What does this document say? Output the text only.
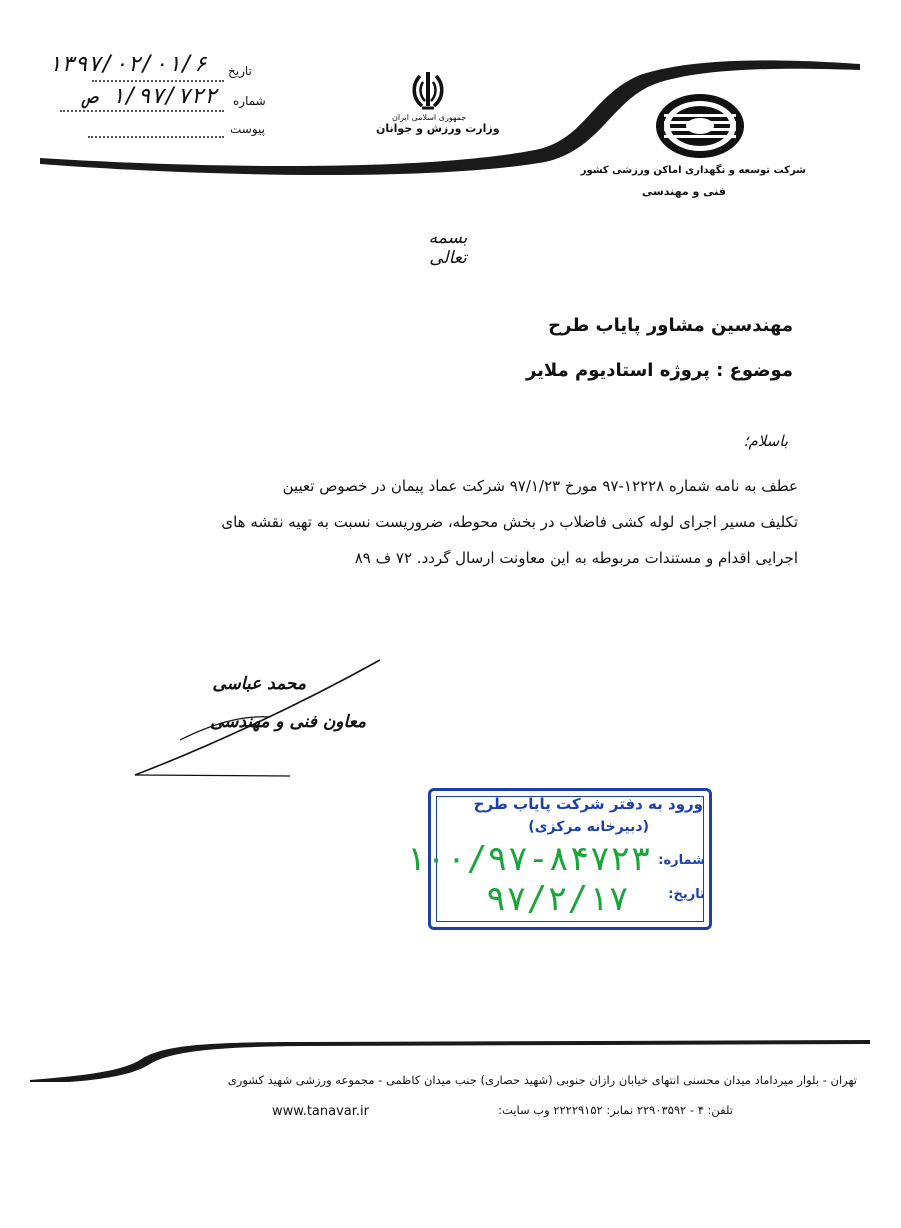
شرکت توسعه و نگهداری اماکن ورزشی کشور
فنی و مهندسی
جمهوری اسلامی ایران
وزارت ورزش و جوانان
تاریخ
شماره
پیوست
۱۳۹۷/۰۲/۰۱/۶
۱/۹۷/۷۲۲ ص
بسمه تعالی
مهندسین مشاور پایاب طرح
موضوع : پروژه استادیوم ملایر
باسلام؛
عطف به نامه شماره ۱۲۲۲۸-۹۷ مورخ ۹۷/۱/۲۳ شرکت عماد پیمان در خصوص تعیین
تکلیف مسیر اجرای لوله کشی فاضلاب در بخش محوطه، ضروریست نسبت به تهیه نقشه های
اجرایی اقدام و مستندات مربوطه به این معاونت ارسال گردد. ۷۲ ف ۸۹
محمد عباسی
معاون فنی و مهندسی
ورود به دفتر شرکت پایاب طرح
(دبیرخانه مرکزی)
شماره:
تاریخ:
۱۰۰/۹۷-۸۴۷۲۳
۹۷/۲/۱۷
تهران - بلوار میرداماد میدان محسنی انتهای خیابان رازان جنوبی (شهید حصاری) جنب میدان کاظمی - مجموعه ورزشی شهید کشوری
تلفن: ۴ - ۲۲۹۰۳۵۹۲ نمابر: ۲۲۲۲۹۱۵۲ وب سایت:
www.tanavar.ir
